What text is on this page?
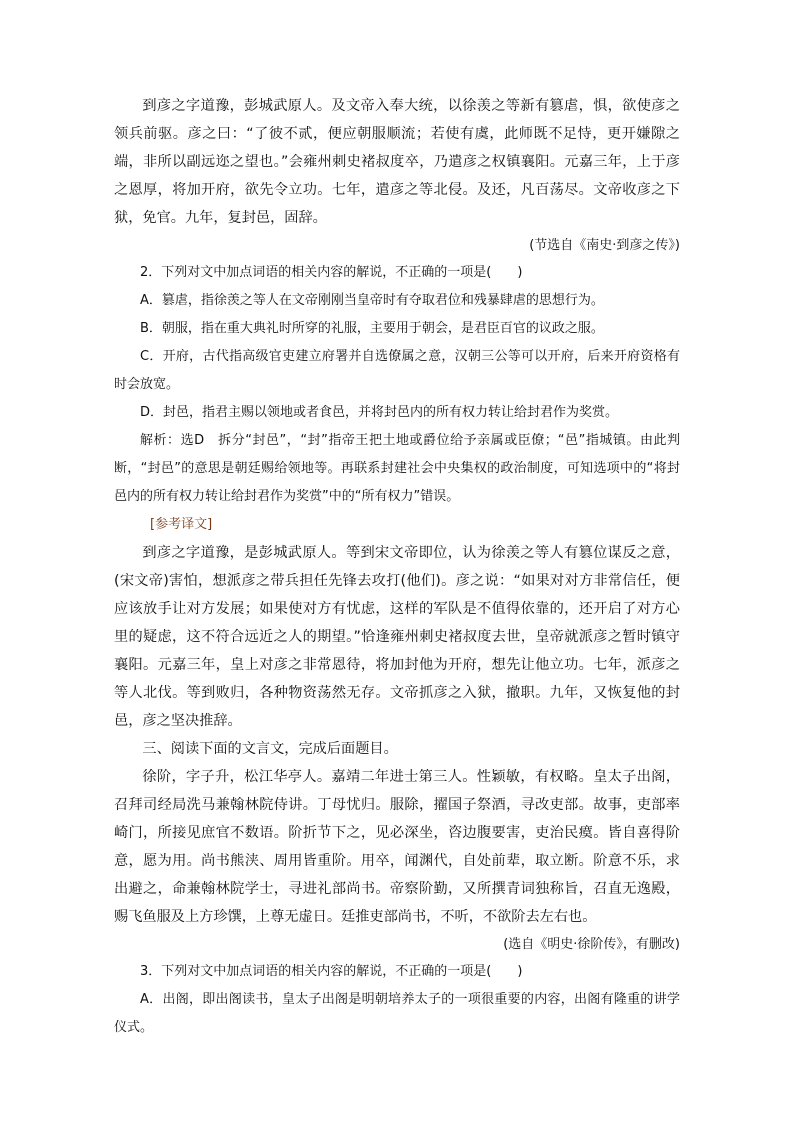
到彦之字道豫，彭城武原人。及文帝入奉大统，以徐羡之等新有篡虐，惧，欲使彦之领兵前驱。彦之曰：“了彼不贰，便应朝服顺流；若使有虞，此师既不足恃，更开嫌隙之端，非所以副远迩之望也。”会雍州刺史褚叔度卒，乃遣彦之权镇襄阳。元嘉三年，上于彦之恩厚，将加开府，欲先令立功。七年，遣彦之等北侵。及还，凡百荡尽。文帝收彦之下狱，免官。九年，复封邑，固辞。

(节选自《南史·到彦之传》)

2．下列对文中加点词语的相关内容的解说，不正确的一项是(　　)

A．篡虐，指徐羡之等人在文帝刚刚当皇帝时有夺取君位和残暴肆虐的思想行为。

B．朝服，指在重大典礼时所穿的礼服，主要用于朝会，是君臣百官的议政之服。

C．开府，古代指高级官吏建立府署并自选僚属之意，汉朝三公等可以开府，后来开府资格有时会放宽。

D．封邑，指君主赐以领地或者食邑，并将封邑内的所有权力转让给封君作为奖赏。

解析：选D　拆分“封邑”，“封”指帝王把土地或爵位给予亲属或臣僚；“邑”指城镇。由此判断，“封邑”的意思是朝廷赐给领地等。再联系封建社会中央集权的政治制度，可知选项中的“将封邑内的所有权力转让给封君作为奖赏”中的“所有权力”错误。

[参考译文]

到彦之字道豫，是彭城武原人。等到宋文帝即位，认为徐羡之等人有篡位谋反之意，(宋文帝)害怕，想派彦之带兵担任先锋去攻打(他们)。彦之说：“如果对对方非常信任，便应该放手让对方发展；如果使对方有忧虑，这样的军队是不值得依靠的，还开启了对方心里的疑虑，这不符合远近之人的期望。”恰逢雍州刺史褚叔度去世，皇帝就派彦之暂时镇守襄阳。元嘉三年，皇上对彦之非常恩待，将加封他为开府，想先让他立功。七年，派彦之等人北伐。等到败归，各种物资荡然无存。文帝抓彦之入狱，撤职。九年，又恢复他的封邑，彦之坚决推辞。

三、阅读下面的文言文，完成后面题目。

徐阶，字子升，松江华亭人。嘉靖二年进士第三人。性颖敏，有权略。皇太子出阁，召拜司经局洗马兼翰林院侍讲。丁母忧归。服除，擢国子祭酒，寻改吏部。故事，吏部率崎门，所接见庶官不数语。阶折节下之，见必深坐，咨边腹要害，吏治民瘼。皆自喜得阶意，愿为用。尚书熊浃、周用皆重阶。用卒，闻渊代，自处前辈，取立断。阶意不乐，求出避之，命兼翰林院学士，寻进礼部尚书。帝察阶勤，又所撰青词独称旨，召直无逸殿，赐飞鱼服及上方珍馔，上尊无虚日。廷推吏部尚书，不听，不欲阶去左右也。

(选自《明史·徐阶传》，有删改)

3．下列对文中加点词语的相关内容的解说，不正确的一项是(　　)

A．出阁，即出阁读书，皇太子出阁是明朝培养太子的一项很重要的内容，出阁有隆重的讲学仪式。
